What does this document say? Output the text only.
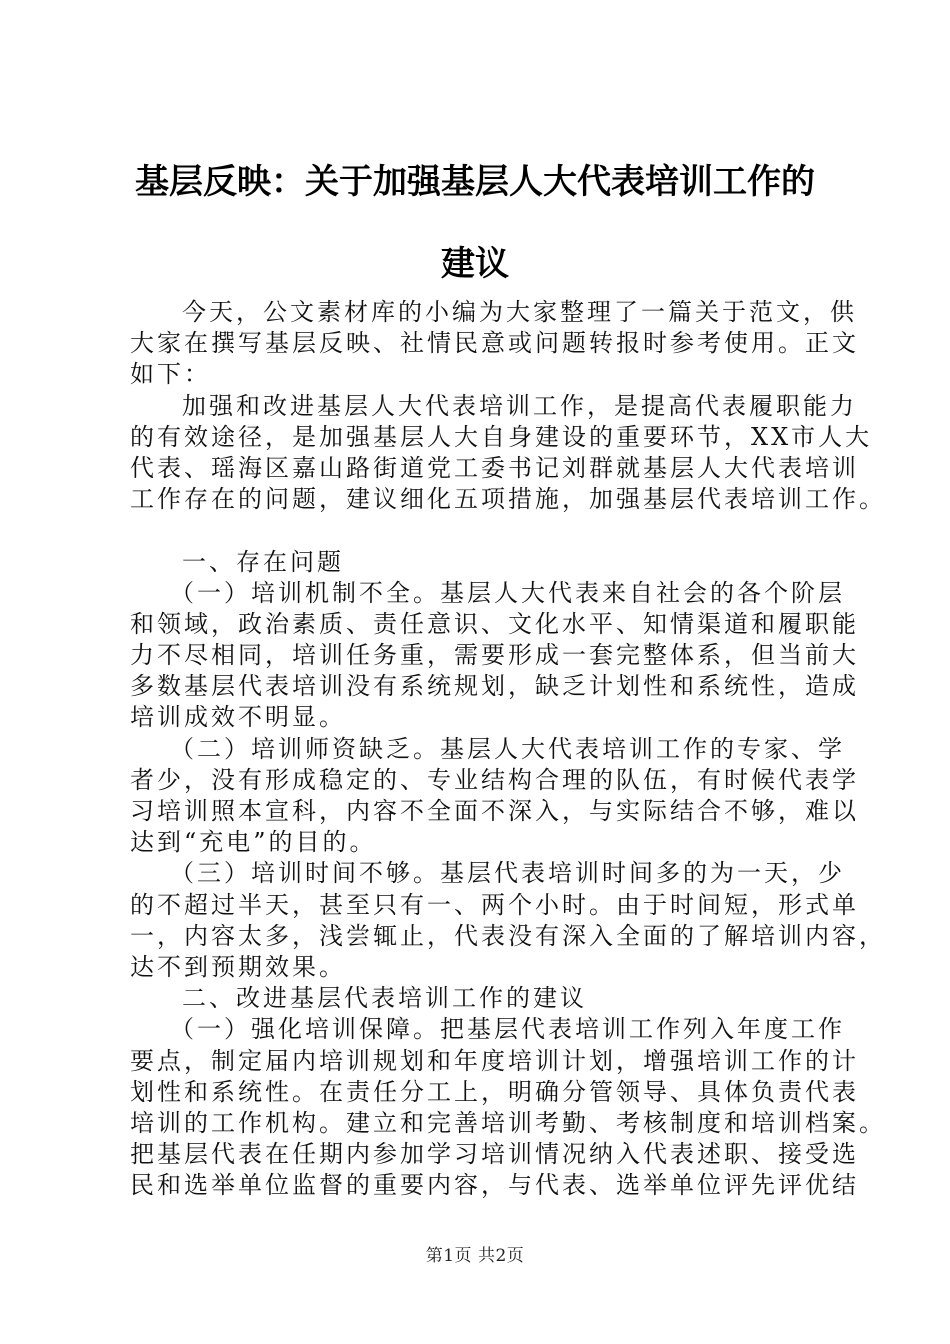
基层反映：关于加强基层人大代表培训工作的
建议
今天，公文素材库的小编为大家整理了一篇关于范文，供
大家在撰写基层反映、社情民意或问题转报时参考使用。正文
如下：
加强和改进基层人大代表培训工作，是提高代表履职能力
的有效途径，是加强基层人大自身建设的重要环节，XX市人大
代表、瑶海区嘉山路街道党工委书记刘群就基层人大代表培训
工作存在的问题，建议细化五项措施，加强基层代表培训工作。
一、存在问题
（一）培训机制不全。基层人大代表来自社会的各个阶层
和领域，政治素质、责任意识、文化水平、知情渠道和履职能
力不尽相同，培训任务重，需要形成一套完整体系，但当前大
多数基层代表培训没有系统规划，缺乏计划性和系统性，造成
培训成效不明显。
（二）培训师资缺乏。基层人大代表培训工作的专家、学
者少，没有形成稳定的、专业结构合理的队伍，有时候代表学
习培训照本宣科，内容不全面不深入，与实际结合不够，难以
达到“充电”的目的。
（三）培训时间不够。基层代表培训时间多的为一天，少
的不超过半天，甚至只有一、两个小时。由于时间短，形式单
一，内容太多，浅尝辄止，代表没有深入全面的了解培训内容，
达不到预期效果。
二、改进基层代表培训工作的建议
（一）强化培训保障。把基层代表培训工作列入年度工作
要点，制定届内培训规划和年度培训计划，增强培训工作的计
划性和系统性。在责任分工上，明确分管领导、具体负责代表
培训的工作机构。建立和完善培训考勤、考核制度和培训档案。
把基层代表在任期内参加学习培训情况纳入代表述职、接受选
民和选举单位监督的重要内容，与代表、选举单位评先评优结
第1页 共2页
